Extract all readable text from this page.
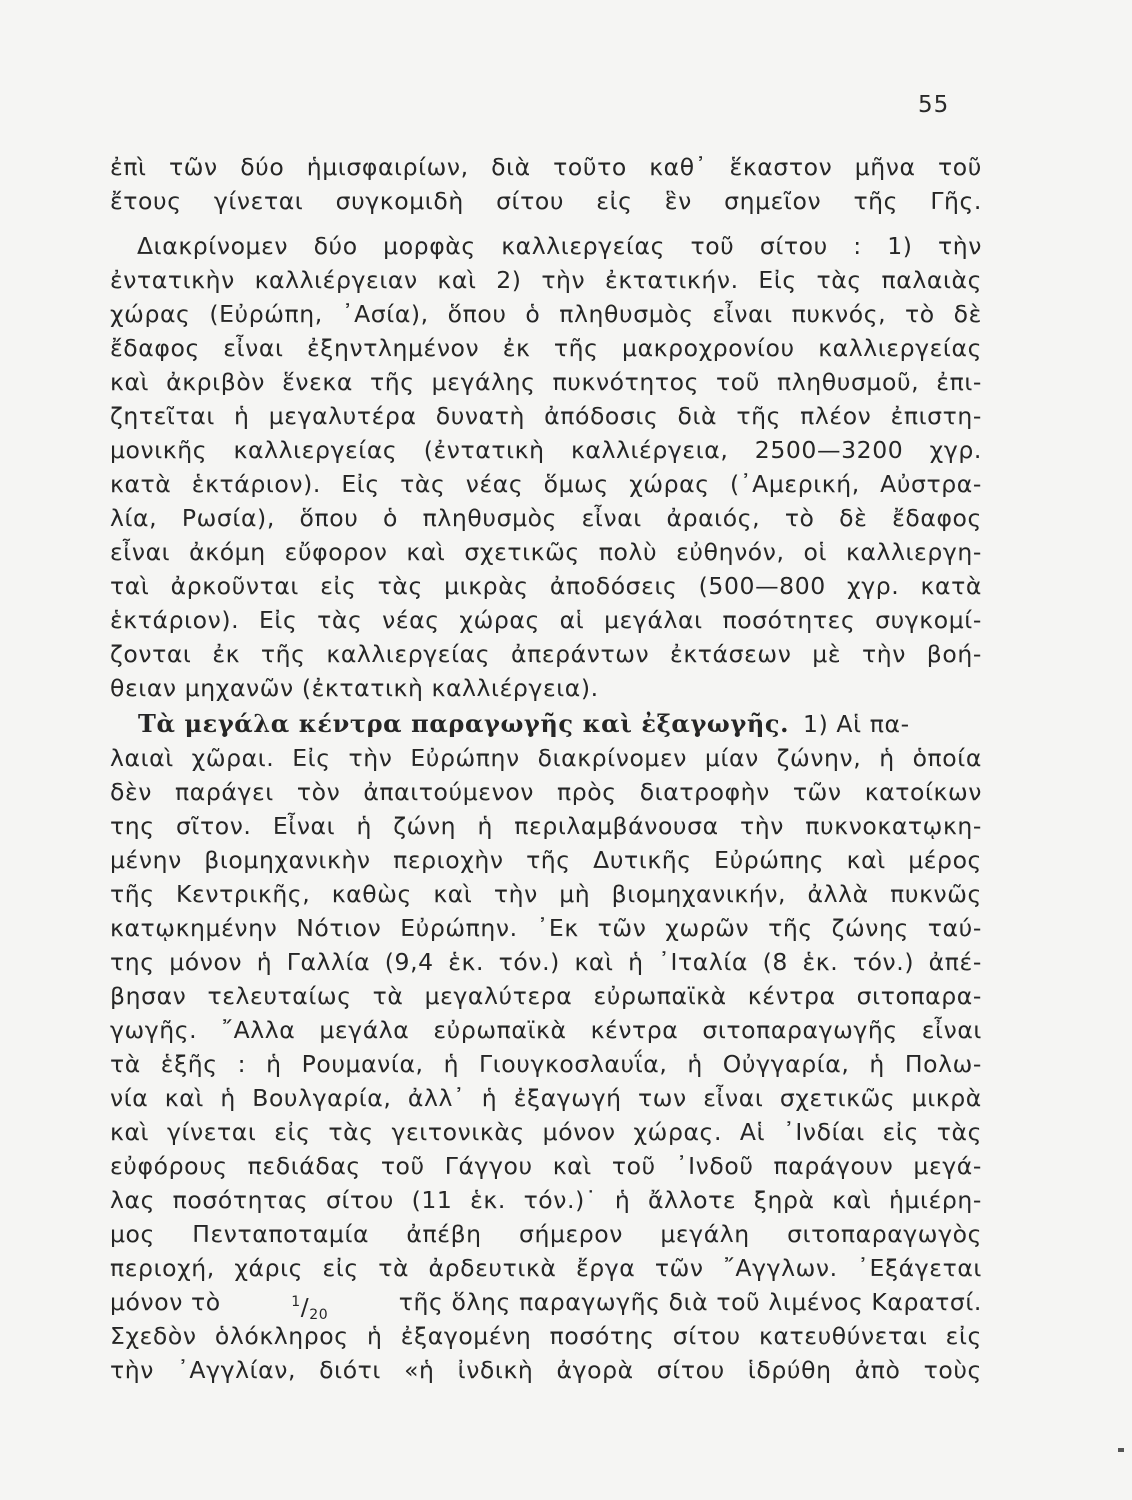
55
ἐπὶ τῶν δύο ἡμισφαιρίων, διὰ τοῦτο καθ᾽ ἕκαστον μῆνα τοῦ
ἔτους γίνεται συγκομιδὴ σίτου εἰς ἓν σημεῖον τῆς Γῆς.
Διακρίνομεν δύο μορφὰς καλλιεργείας τοῦ σίτου : 1) τὴν
ἐντατικὴν καλλιέργειαν καὶ 2) τὴν ἐκτατικήν. Εἰς τὰς παλαιὰς
χώρας (Εὐρώπη, ᾽Ασία), ὅπου ὁ πληθυσμὸς εἶναι πυκνός, τὸ δὲ
ἔδαφος εἶναι ἐξηντλημένον ἐκ τῆς μακροχρονίου καλλιεργείας
καὶ ἀκριβὸν ἕνεκα τῆς μεγάλης πυκνότητος τοῦ πληθυσμοῦ, ἐπι-
ζητεῖται ἡ μεγαλυτέρα δυνατὴ ἀπόδοσις διὰ τῆς πλέον ἐπιστη-
μονικῆς καλλιεργείας (ἐντατικὴ καλλιέργεια, 2500—3200 χγρ.
κατὰ ἑκτάριον). Εἰς τὰς νέας ὅμως χώρας (᾽Αμερική, Αὐστρα-
λία, Ρωσία), ὅπου ὁ πληθυσμὸς εἶναι ἀραιός, τὸ δὲ ἔδαφος
εἶναι ἀκόμη εὔφορον καὶ σχετικῶς πολὺ εὐθηνόν, οἱ καλλιεργη-
ταὶ ἀρκοῦνται εἰς τὰς μικρὰς ἀποδόσεις (500—800 χγρ. κατὰ
ἑκτάριον). Εἰς τὰς νέας χώρας αἱ μεγάλαι ποσότητες συγκομί-
ζονται ἐκ τῆς καλλιεργείας ἀπεράντων ἐκτάσεων μὲ τὴν βοή-
θειαν μηχανῶν (ἐκτατικὴ καλλιέργεια).
Τὰ μεγάλα κέντρα παραγωγῆς καὶ ἐξαγωγῆς. 1) Αἱ πα-
λαιαὶ χῶραι. Εἰς τὴν Εὐρώπην διακρίνομεν μίαν ζώνην, ἡ ὁποία
δὲν παράγει τὸν ἀπαιτούμενον πρὸς διατροφὴν τῶν κατοίκων
της σῖτον. Εἶναι ἡ ζώνη ἡ περιλαμβάνουσα τὴν πυκνοκατῳκη-
μένην βιομηχανικὴν περιοχὴν τῆς Δυτικῆς Εὐρώπης καὶ μέρος
τῆς Κεντρικῆς, καθὼς καὶ τὴν μὴ βιομηχανικήν, ἀλλὰ πυκνῶς
κατῳκημένην Νότιον Εὐρώπην. ᾽Εκ τῶν χωρῶν τῆς ζώνης ταύ-
της μόνον ἡ Γαλλία (9,4 ἑκ. τόν.) καὶ ἡ ᾽Ιταλία (8 ἑκ. τόν.) ἀπέ-
βησαν τελευταίως τὰ μεγαλύτερα εὐρωπαϊκὰ κέντρα σιτοπαρα-
γωγῆς. ῎Αλλα μεγάλα εὐρωπαϊκὰ κέντρα σιτοπαραγωγῆς εἶναι
τὰ ἑξῆς : ἡ Ρουμανία, ἡ Γιουγκοσλαυΐα, ἡ Οὐγγαρία, ἡ Πολω-
νία καὶ ἡ Βουλγαρία, ἀλλ᾽ ἡ ἐξαγωγή των εἶναι σχετικῶς μικρὰ
καὶ γίνεται εἰς τὰς γειτονικὰς μόνον χώρας. Αἱ ᾽Ινδίαι εἰς τὰς
εὐφόρους πεδιάδας τοῦ Γάγγου καὶ τοῦ ᾽Ινδοῦ παράγουν μεγά-
λας ποσότητας σίτου (11 ἑκ. τόν.)˙ ἡ ἄλλοτε ξηρὰ καὶ ἡμιέρη-
μος Πενταποταμία ἀπέβη σήμερον μεγάλη σιτοπαραγωγὸς
περιοχή, χάρις εἰς τὰ ἀρδευτικὰ ἔργα τῶν ῎Αγγλων. ᾽Εξάγεται
μόνον τὸ	$^1/_{20}$	τῆς ὅλης παραγωγῆς διὰ τοῦ λιμένος Καρατσί.
Σχεδὸν ὁλόκληρος ἡ ἐξαγομένη ποσότης σίτου κατευθύνεται εἰς
τὴν ᾽Αγγλίαν, διότι «ἡ ἰνδικὴ ἀγορὰ σίτου ἱδρύθη ἀπὸ τοὺς
